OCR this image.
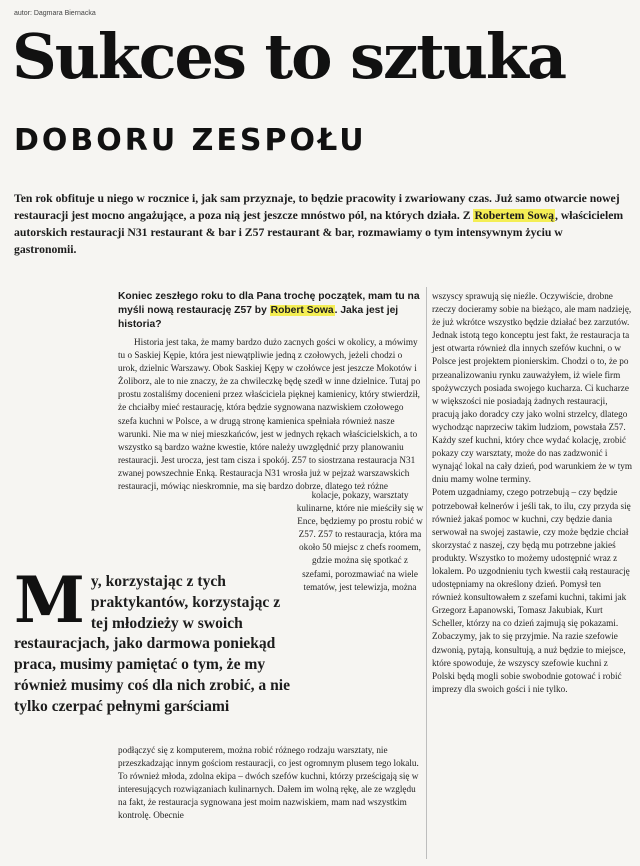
autor: Dagmara Biernacka
Sukces to sztuka
DOBORU ZESPOŁU
Ten rok obfituje u niego w rocznice i, jak sam przyznaje, to będzie pracowity i zwariowany czas. Już samo otwarcie nowej restauracji jest mocno angażujące, a poza nią jest jeszcze mnóstwo pól, na których działa. Z Robertem Sową, właścicielem autorskich restauracji N31 restaurant & bar i Z57 restaurant & bar, rozmawiamy o tym intensywnym życiu w gastronomii.
Koniec zeszłego roku to dla Pana trochę początek, mam tu na myśli nową restaurację Z57 by Robert Sowa. Jaka jest jej historia?

Historia jest taka, że mamy bardzo dużo zacnych gości w okolicy, a mówimy tu o Saskiej Kępie, która jest niewątpliwie jedną z czołowych, jeżeli chodzi o urok, dzielnic Warszawy. Obok Saskiej Kępy w czołówce jest jeszcze Mokotów i Żoliborz, ale to nie znaczy, że za chwileczkę będę szedł w inne dzielnice. Tutaj po prostu zostaliśmy docenieni przez właściciela pięknej kamienicy, który stwierdził, że chciałby mieć restaurację, która będzie sygnowana nazwiskiem czołowego szefa kuchni w Polsce, a w drugą stronę kamienica spełniała również nasze warunki. Nie ma w niej mieszkańców, jest w jednych rękach właścicielskich, a to wszystko są bardzo ważne kwestie, które należy uwzględnić przy planowaniu restauracji. Jest urocza, jest tam cisza i spokój. Z57 to siostrzana restauracja N31 zwanej powszechnie Enką. Restauracja N31 wrosła już w pejzaż warszawskich restauracji, mówiąc nieskromnie, ma się bardzo dobrze, dlatego też różne

kolacje, pokazy, warsztaty kulinarne, które nie mieściły się w Ence, będziemy po prostu robić w Z57. Z57 to restauracja, która ma około 50 miejsc z chefs roomem, gdzie można się spotkać z szefami, porozmawiać na wiele tematów, jest telewizja, można
podłączyć się z komputerem, można robić różnego rodzaju warsztaty, nie przeszkadzając innym gościom restauracji, co jest ogromnym plusem tego lokalu. To również młoda, zdolna ekipa – dwóch szefów kuchni, którzy prześcigają się w interesujących rozwiązaniach kulinarnych. Dałem im wolną rękę, ale ze względu na fakt, że restauracja sygnowana jest moim nazwiskiem, mam nad wszystkim kontrolę. Obecnie

wszyscy sprawują się nieźle. Oczywiście, drobne rzeczy docieramy sobie na bieżąco, ale mam nadzieję, że już wkrótce wszystko będzie działać bez zarzutów. Jednak istotą tego konceptu jest fakt, że restauracja ta jest otwarta również dla innych szefów kuchni, o w Polsce jest projektem pionierskim. Chodzi o to, że po przeanalizowaniu rynku zauważyłem, iż wiele firm spożywczych posiada swojego kucharza. Ci kucharze w większości nie posiadają żadnych restauracji, pracują jako doradcy czy jako wolni strzelcy, dlatego wychodząc naprzeciw takim ludziom, powstała Z57. Każdy szef kuchni, który chce wydać kolację, zrobić pokazy czy warsztaty, może do nas zadzwonić i wynająć lokal na cały dzień, pod warunkiem że w tym dniu mamy wolne terminy.

Potem uzgadniamy, czego potrzebują – czy będzie potrzebował kelnerów i jeśli tak, to ilu, czy przyda się również jakaś pomoc w kuchni, czy będzie dania serwował na swojej zastawie, czy może będzie chciał skorzystać z naszej, czy będą mu potrzebne jakieś produkty. Wszystko to możemy udostępnić wraz z lokalem. Po uzgodnieniu tych kwestii całą restaurację udostępniamy na określony dzień. Pomysł ten również konsultowałem z szefami kuchni, takimi jak Grzegorz Łapanowski, Tomasz Jakubiak, Kurt Scheller, którzy na co dzień zajmują się pokazami. Zobaczymy, jak to się przyjmie. Na razie szefowie dzwonią, pytają, konsultują, a nuż będzie to miejsce, które spowoduje, że wszyscy szefowie kuchni z Polski będą mogli sobie swobodnie gotować i robić imprezy dla swoich gości i nie tylko.

My, korzystając z tych praktykantów, korzystając z tej młodzieży w swoich restauracjach, jako darmowa poniekąd praca, musimy pamiętać o tym, że my również musimy coś dla nich zrobić, a nie tylko czerpać pełnymi garściami
